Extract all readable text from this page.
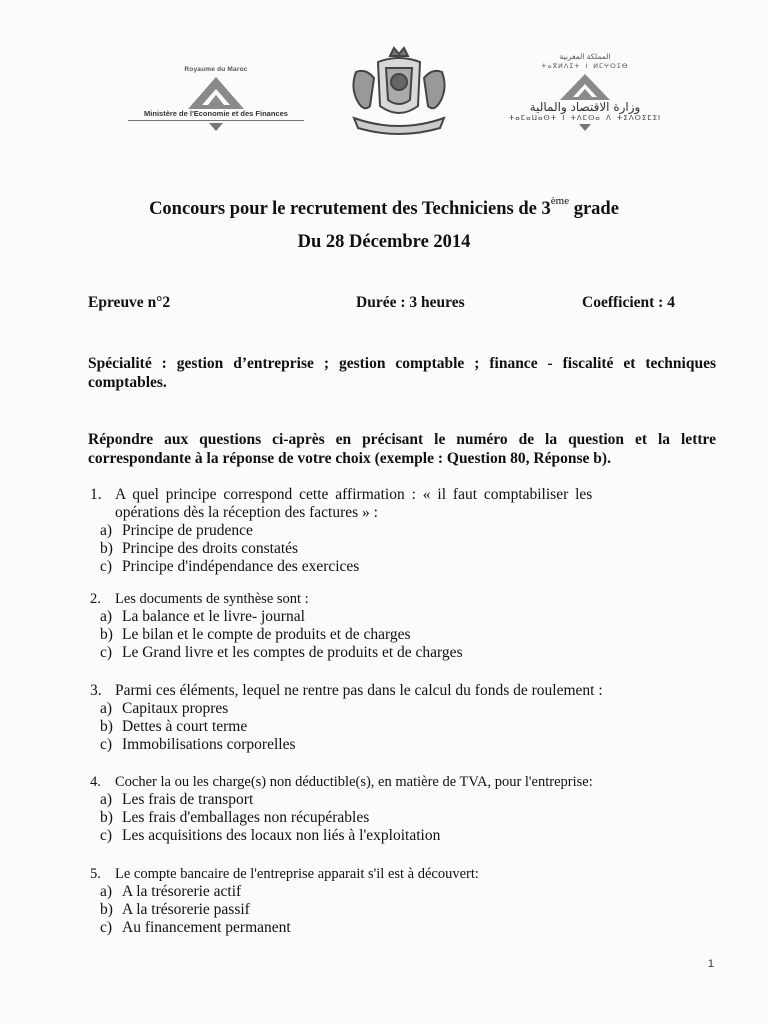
Royaume du Maroc
Ministère de l'Economie et des Finances
المملكة المغربية
ⵜⴰⴳⵍⴷⵉⵜ ⵏ ⵍⵎⵖⵔⵉⴱ
وزارة الاقتصاد والمالية
ⵜⴰⵎⴰⵡⴰⵙⵜ ⵏ ⵜⴷⵎⵙⴰ ⴷ ⵜⵉⴷⵔⵉⵎⵉⵏ
Concours pour le recrutement des Techniciens de 3ème grade
Du 28 Décembre 2014
Epreuve n°2	Durée : 3 heures	Coefficient : 4
Spécialité : gestion d’entreprise ; gestion comptable ; finance - fiscalité et techniques comptables.
Répondre aux questions ci-après en précisant le numéro de la question et la lettre correspondante à la réponse de votre choix (exemple : Question 80, Réponse b).
1. A quel principe correspond cette affirmation : « il faut comptabiliser les
opérations dès la réception des factures » :
a) Principe de prudence
b) Principe des droits constatés
c) Principe d'indépendance des exercices
2. Les documents de synthèse sont :
a) La balance et le livre- journal
b) Le bilan et le compte de produits et de charges
c) Le Grand livre et les comptes de produits et de charges
3. Parmi ces éléments, lequel ne rentre pas dans le calcul du fonds de roulement :
a) Capitaux propres
b) Dettes à court terme
c) Immobilisations corporelles
4. Cocher la ou les charge(s) non déductible(s), en matière de TVA, pour l'entreprise:
a) Les frais de transport
b) Les frais d'emballages non récupérables
c) Les acquisitions des locaux non liés à l'exploitation
5. Le compte bancaire de l'entreprise apparait s'il est à découvert:
a) A la trésorerie actif
b) A la trésorerie passif
c) Au financement permanent
1
